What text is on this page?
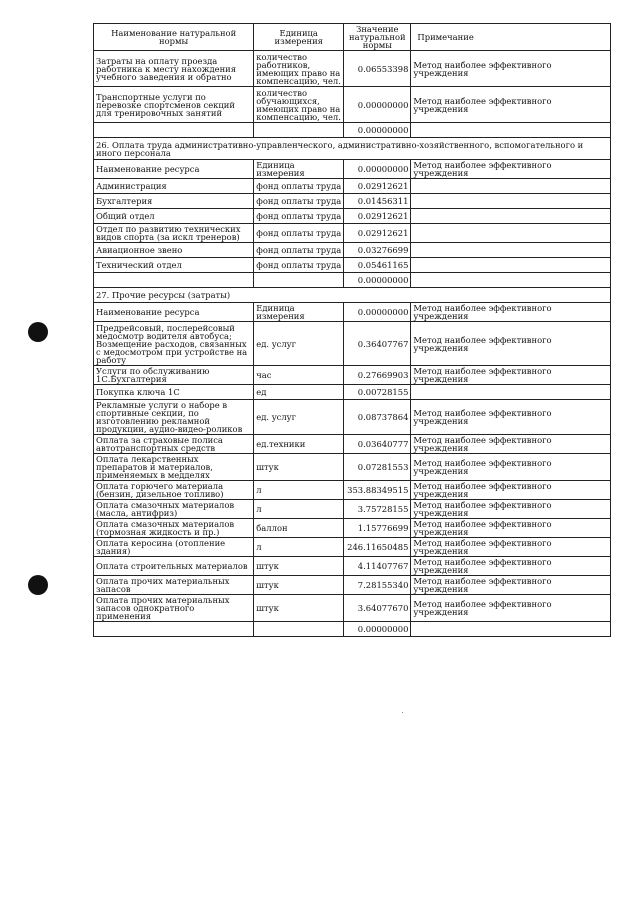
Наименование натуральной нормы	Единица измерения	Значение натуральной нормы	Примечание
Затраты на оплату проезда работника к месту нахождения учебного заведения и обратно	количество работников, имеющих право на компенсацию, чел.	0.06553398	Метод наиболее эффективного учреждения
Транспортные услуги по перевозке спортсменов секций для тренировочных занятий	количество обучающихся, имеющих право на компенсацию, чел.	0.00000000	Метод наиболее эффективного учреждения
		0.00000000	
26. Оплата труда административно-управленческого, административно-хозяйственного, вспомогательного и иного персонала			
Наименование ресурса	Единица измерения	0.00000000	Метод наиболее эффективного учреждения
Администрация	фонд оплаты труда	0.02912621	
Бухгалтерия	фонд оплаты труда	0.01456311	
Общий отдел	фонд оплаты труда	0.02912621	
Отдел по развитию технических видов спорта (за искл тренеров)	фонд оплаты труда	0.02912621	
Авиационное звено	фонд оплаты труда	0.03276699	
Технический отдел	фонд оплаты труда	0.05461165	
		0.00000000	
27. Прочие ресурсы (затраты)			
Наименование ресурса	Единица измерения	0.00000000	Метод наиболее эффективного учреждения
Предрейсовый, послерейсовый медосмотр водителя автобуса; Возмещение расходов, связанных с медосмотром при устройстве на работу	ед. услуг	0.36407767	Метод наиболее эффективного учреждения
Услуги по обслуживанию 1С.Бухгалтерия	час	0.27669903	Метод наиболее эффективного учреждения
Покупка ключа 1С	ед	0.00728155	
Рекламные услуги о наборе в спортивные секции, по изготовлению рекламной продукции, аудио-видео-роликов	ед. услуг	0.08737864	Метод наиболее эффективного учреждения
Оплата за страховые полиса автотранспортных средств	ед.техники	0.03640777	Метод наиболее эффективного учреждения
Оплата лекарственных препаратов и материалов, применяемых в медделях	штук	0.07281553	Метод наиболее эффективного учреждения
Оплата горючего материала (бензин, дизельное топливо)	л	353.88349515	Метод наиболее эффективного учреждения
Оплата смазочных материалов (масла, антифриз)	л	3.75728155	Метод наиболее эффективного учреждения
Оплата смазочных материалов (тормозная жидкость и пр.)	баллон	1.15776699	Метод наиболее эффективного учреждения
Оплата керосина (отопление здания)	л	246.11650485	Метод наиболее эффективного учреждения
Оплата строительных материалов	штук	4.11407767	Метод наиболее эффективного учреждения
Оплата прочих материальных запасов	штук	7.28155340	Метод наиболее эффективного учреждения
Оплата прочих материальных запасов однократного применения	штук	3.64077670	Метод наиболее эффективного учреждения
		0.00000000	
